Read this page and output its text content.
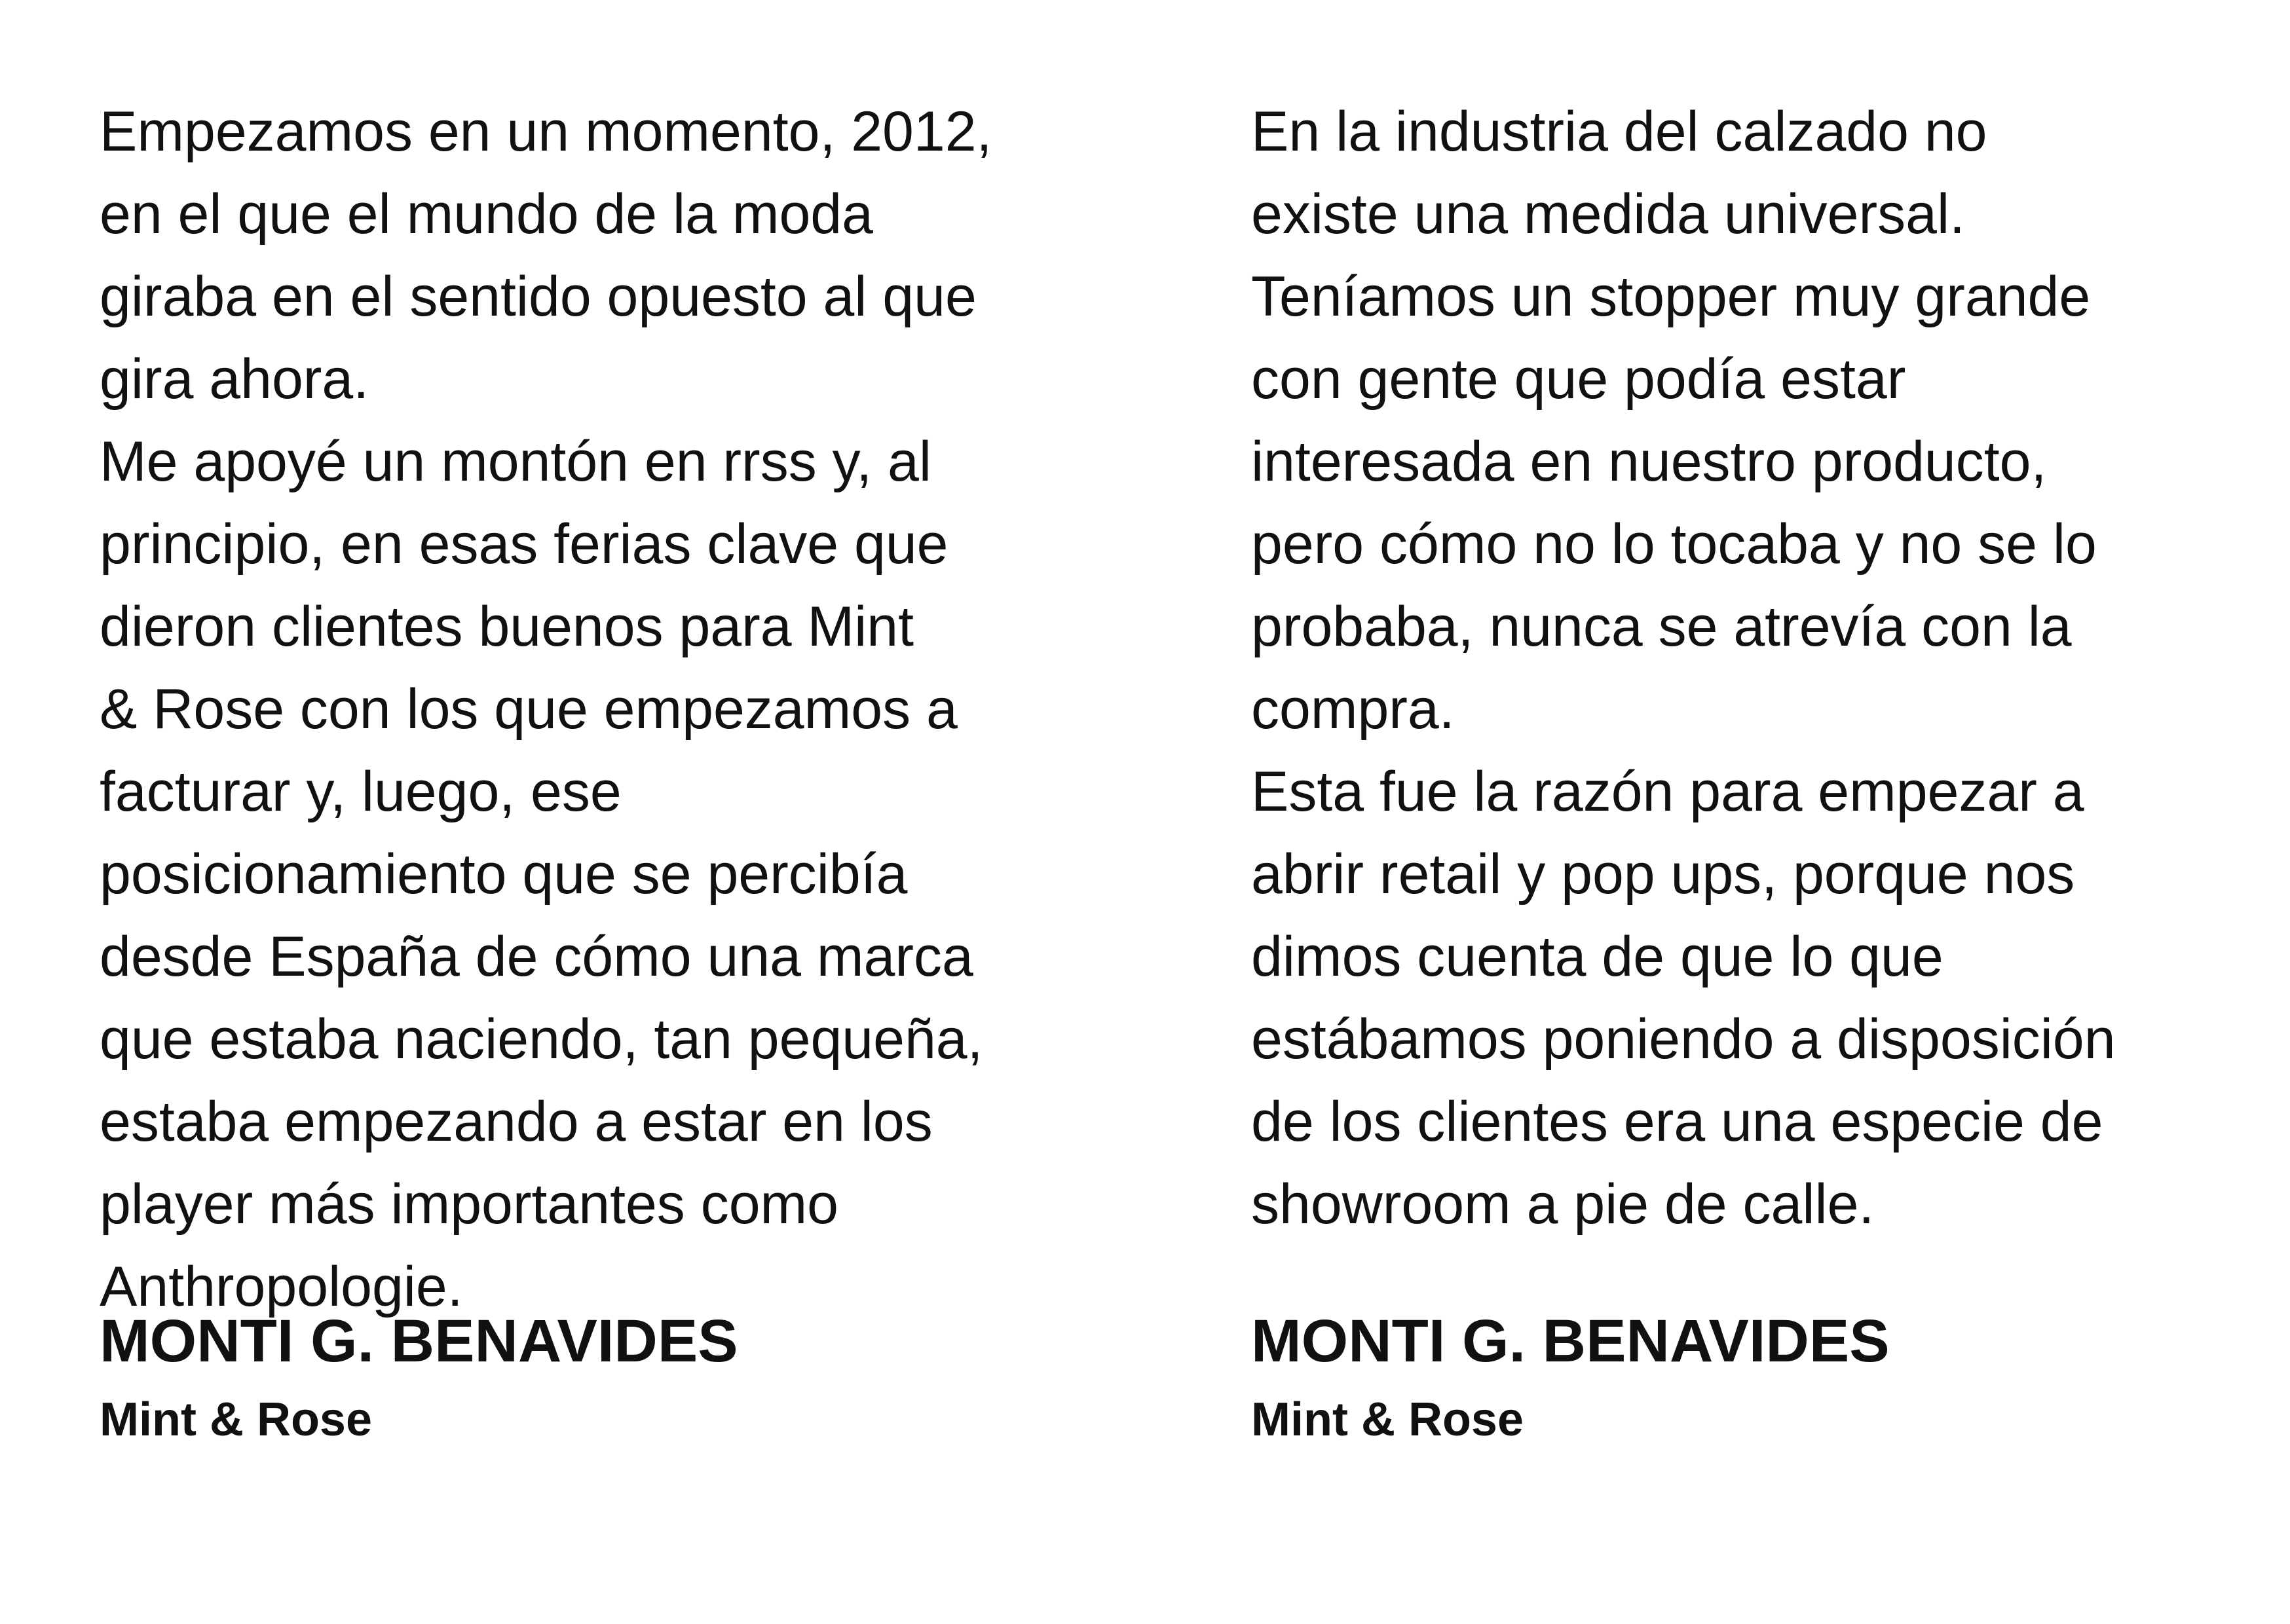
Empezamos en un momento, 2012,
en el que el mundo de la moda
giraba en el sentido opuesto al que
gira ahora.

Me apoyé un montón en rrss y, al
principio, en esas ferias clave que
dieron clientes buenos para Mint
& Rose con los que empezamos a
facturar y, luego, ese
posicionamiento que se percibía
desde España de cómo una marca
que estaba naciendo, tan pequeña,
estaba empezando a estar en los
player más importantes como
Anthropologie.

MONTI G. BENAVIDES

Mint & Rose

En la industria del calzado no
existe una medida universal.
Teníamos un stopper muy grande
con gente que podía estar
interesada en nuestro producto,
pero cómo no lo tocaba y no se lo
probaba, nunca se atrevía con la
compra.

Esta fue la razón para empezar a
abrir retail y pop ups, porque nos
dimos cuenta de que lo que
estábamos poniendo a disposición
de los clientes era una especie de
showroom a pie de calle.

MONTI G. BENAVIDES

Mint & Rose
